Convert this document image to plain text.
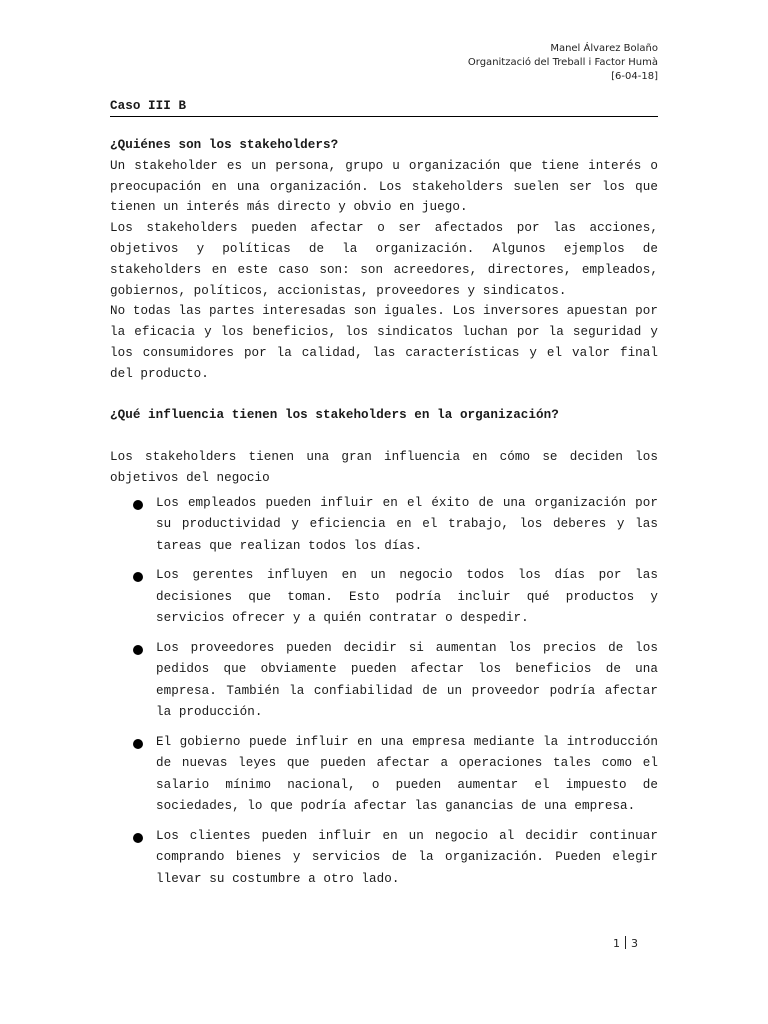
Manel Álvarez Bolaño
Organització del Treball i Factor Humà
[6-04-18]
Caso III B

¿Quiénes son los stakeholders?

Un stakeholder es un persona, grupo u organización que tiene interés o preocupación en una organización. Los stakeholders suelen ser los que tienen un interés más directo y obvio en juego.

Los stakeholders pueden afectar o ser afectados por las acciones, objetivos y políticas de la organización. Algunos ejemplos de stakeholders en este caso son: son acreedores, directores, empleados, gobiernos, políticos, accionistas, proveedores y sindicatos.

No todas las partes interesadas son iguales. Los inversores apuestan por la eficacia y los beneficios, los sindicatos luchan por la seguridad y los consumidores por la calidad, las características y el valor final del producto.

¿Qué influencia tienen los stakeholders en la organización?

Los stakeholders tienen una gran influencia en cómo se deciden los objetivos del negocio

Los empleados pueden influir en el éxito de una organización por su productividad y eficiencia en el trabajo, los deberes y las tareas que realizan todos los días.
Los gerentes influyen en un negocio todos los días por las decisiones que toman. Esto podría incluir qué productos y servicios ofrecer y a quién contratar o despedir.
Los proveedores pueden decidir si aumentan los precios de los pedidos que obviamente pueden afectar los beneficios de una empresa. También la confiabilidad de un proveedor podría afectar la producción.
El gobierno puede influir en una empresa mediante la introducción de nuevas leyes que pueden afectar a operaciones tales como el salario mínimo nacional, o pueden aumentar el impuesto de sociedades, lo que podría afectar las ganancias de una empresa.
Los clientes pueden influir en un negocio al decidir continuar comprando bienes y servicios de la organización. Pueden elegir llevar su costumbre a otro lado.
1 3
